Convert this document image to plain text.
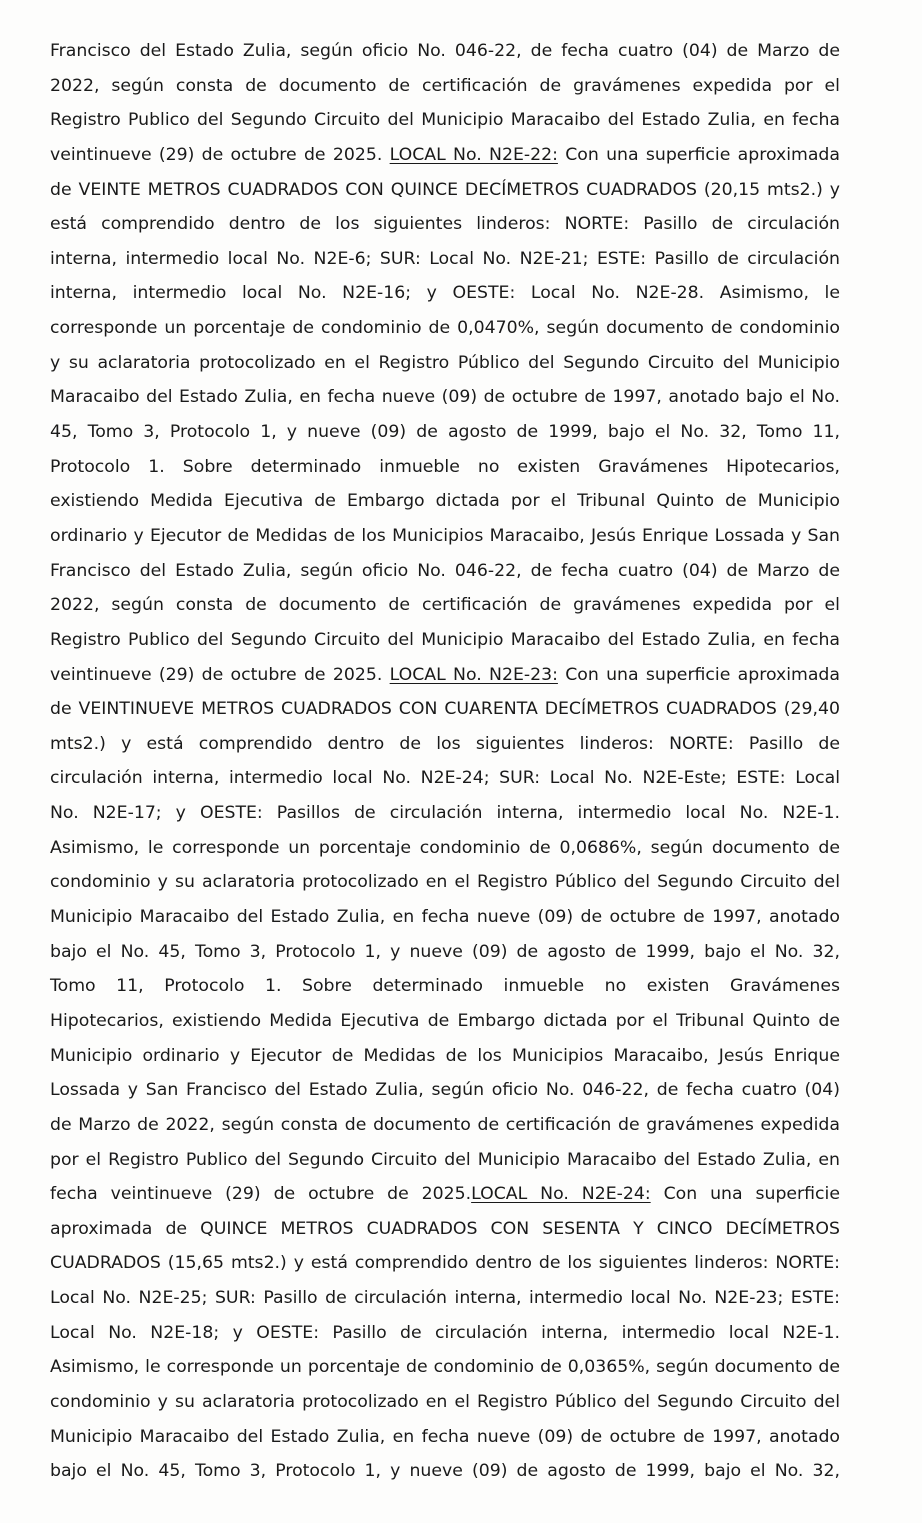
Francisco del Estado Zulia, según oficio No. 046-22, de fecha cuatro (04) de Marzo de
2022, según consta de documento de certificación de gravámenes expedida por el
Registro Publico del Segundo Circuito del Municipio Maracaibo del Estado Zulia, en fecha
veintinueve (29) de octubre de 2025. LOCAL No. N2E-22: Con una superficie aproximada
de VEINTE METROS CUADRADOS CON QUINCE DECÍMETROS CUADRADOS (20,15 mts2.) y
está comprendido dentro de los siguientes linderos: NORTE: Pasillo de circulación
interna, intermedio local No. N2E-6; SUR: Local No. N2E-21; ESTE: Pasillo de circulación
interna, intermedio local No. N2E-16; y OESTE: Local No. N2E-28. Asimismo, le
corresponde un porcentaje de condominio de 0,0470%, según documento de condominio
y su aclaratoria protocolizado en el Registro Público del Segundo Circuito del Municipio
Maracaibo del Estado Zulia, en fecha nueve (09) de octubre de 1997, anotado bajo el No.
45, Tomo 3, Protocolo 1, y nueve (09) de agosto de 1999, bajo el No. 32, Tomo 11,
Protocolo 1. Sobre determinado inmueble no existen Gravámenes Hipotecarios,
existiendo Medida Ejecutiva de Embargo dictada por el Tribunal Quinto de Municipio
ordinario y Ejecutor de Medidas de los Municipios Maracaibo, Jesús Enrique Lossada y San
Francisco del Estado Zulia, según oficio No. 046-22, de fecha cuatro (04) de Marzo de
2022, según consta de documento de certificación de gravámenes expedida por el
Registro Publico del Segundo Circuito del Municipio Maracaibo del Estado Zulia, en fecha
veintinueve (29) de octubre de 2025. LOCAL No. N2E-23: Con una superficie aproximada
de VEINTINUEVE METROS CUADRADOS CON CUARENTA DECÍMETROS CUADRADOS (29,40
mts2.) y está comprendido dentro de los siguientes linderos: NORTE: Pasillo de
circulación interna, intermedio local No. N2E-24; SUR: Local No. N2E-Este; ESTE: Local
No. N2E-17; y OESTE: Pasillos de circulación interna, intermedio local No. N2E-1.
Asimismo, le corresponde un porcentaje condominio de 0,0686%, según documento de
condominio y su aclaratoria protocolizado en el Registro Público del Segundo Circuito del
Municipio Maracaibo del Estado Zulia, en fecha nueve (09) de octubre de 1997, anotado
bajo el No. 45, Tomo 3, Protocolo 1, y nueve (09) de agosto de 1999, bajo el No. 32,
Tomo 11, Protocolo 1. Sobre determinado inmueble no existen Gravámenes
Hipotecarios, existiendo Medida Ejecutiva de Embargo dictada por el Tribunal Quinto de
Municipio ordinario y Ejecutor de Medidas de los Municipios Maracaibo, Jesús Enrique
Lossada y San Francisco del Estado Zulia, según oficio No. 046-22, de fecha cuatro (04)
de Marzo de 2022, según consta de documento de certificación de gravámenes expedida
por el Registro Publico del Segundo Circuito del Municipio Maracaibo del Estado Zulia, en
fecha veintinueve (29) de octubre de 2025.LOCAL No. N2E-24: Con una superficie
aproximada de QUINCE METROS CUADRADOS CON SESENTA Y CINCO DECÍMETROS
CUADRADOS (15,65 mts2.) y está comprendido dentro de los siguientes linderos: NORTE:
Local No. N2E-25; SUR: Pasillo de circulación interna, intermedio local No. N2E-23; ESTE:
Local No. N2E-18; y OESTE: Pasillo de circulación interna, intermedio local N2E-1.
Asimismo, le corresponde un porcentaje de condominio de 0,0365%, según documento de
condominio y su aclaratoria protocolizado en el Registro Público del Segundo Circuito del
Municipio Maracaibo del Estado Zulia, en fecha nueve (09) de octubre de 1997, anotado
bajo el No. 45, Tomo 3, Protocolo 1, y nueve (09) de agosto de 1999, bajo el No. 32,
